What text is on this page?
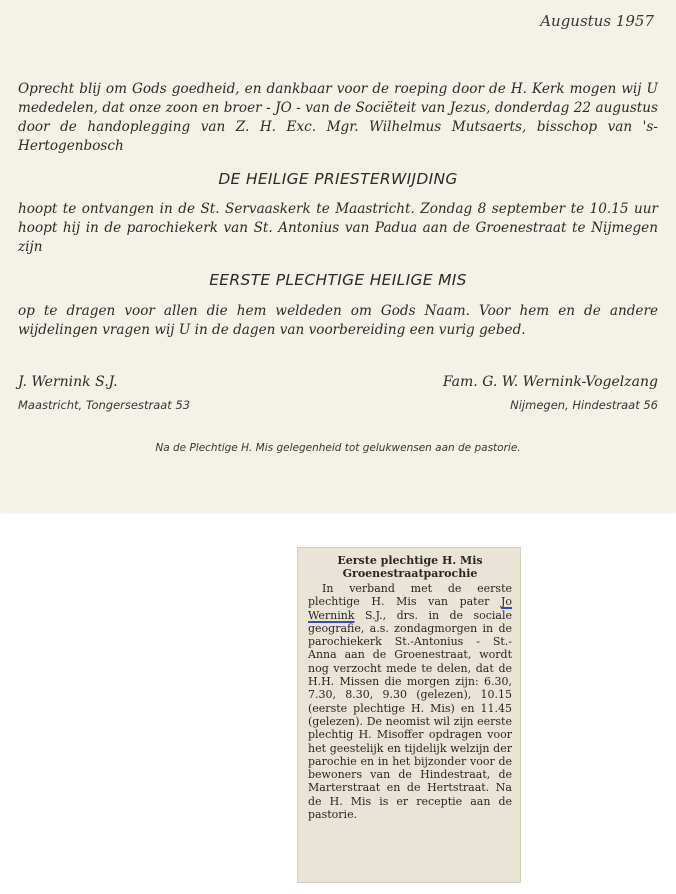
Augustus 1957

Oprecht blij om Gods goedheid, en dankbaar voor de roeping door de H. Kerk mogen wij U mededelen, dat onze zoon en broer - JO - van de Sociëteit van Jezus, donderdag 22 augustus door de handoplegging van Z. H. Exc. Mgr. Wilhelmus Mutsaerts, bisschop van 's-Hertogenbosch

DE HEILIGE PRIESTERWIJDING

hoopt te ontvangen in de St. Servaaskerk te Maastricht. Zondag 8 september te 10.15 uur hoopt hij in de parochiekerk van St. Antonius van Padua aan de Groenestraat te Nijmegen zijn

EERSTE PLECHTIGE HEILIGE MIS

op te dragen voor allen die hem weldeden om Gods Naam. Voor hem en de andere wijdelingen vragen wij U in de dagen van voorbereiding een vurig gebed.

J. Wernink S.J.

Maastricht, Tongersestraat 53

Fam. G. W. Wernink-Vogelzang

Nijmegen, Hindestraat 56

Na de Plechtige H. Mis gelegenheid tot gelukwensen aan de pastorie.

Eerste plechtige H. Mis

Groenestraatparochie

In verband met de eerste plechtige H. Mis van pater Jo Wernink S.J., drs. in de sociale geografie, a.s. zondagmorgen in de parochiekerk St.-Antonius - St.-Anna aan de Groenestraat, wordt nog verzocht mede te delen, dat de H.H. Missen die morgen zijn: 6.30, 7.30, 8.30, 9.30 (gelezen), 10.15 (eerste plechtige H. Mis) en 11.45 (gelezen). De neomist wil zijn eerste plechtig H. Misoffer opdragen voor het geestelijk en tijdelijk welzijn der parochie en in het bijzonder voor de bewoners van de Hindestraat, de Marterstraat en de Hertstraat. Na de H. Mis is er receptie aan de pastorie.
